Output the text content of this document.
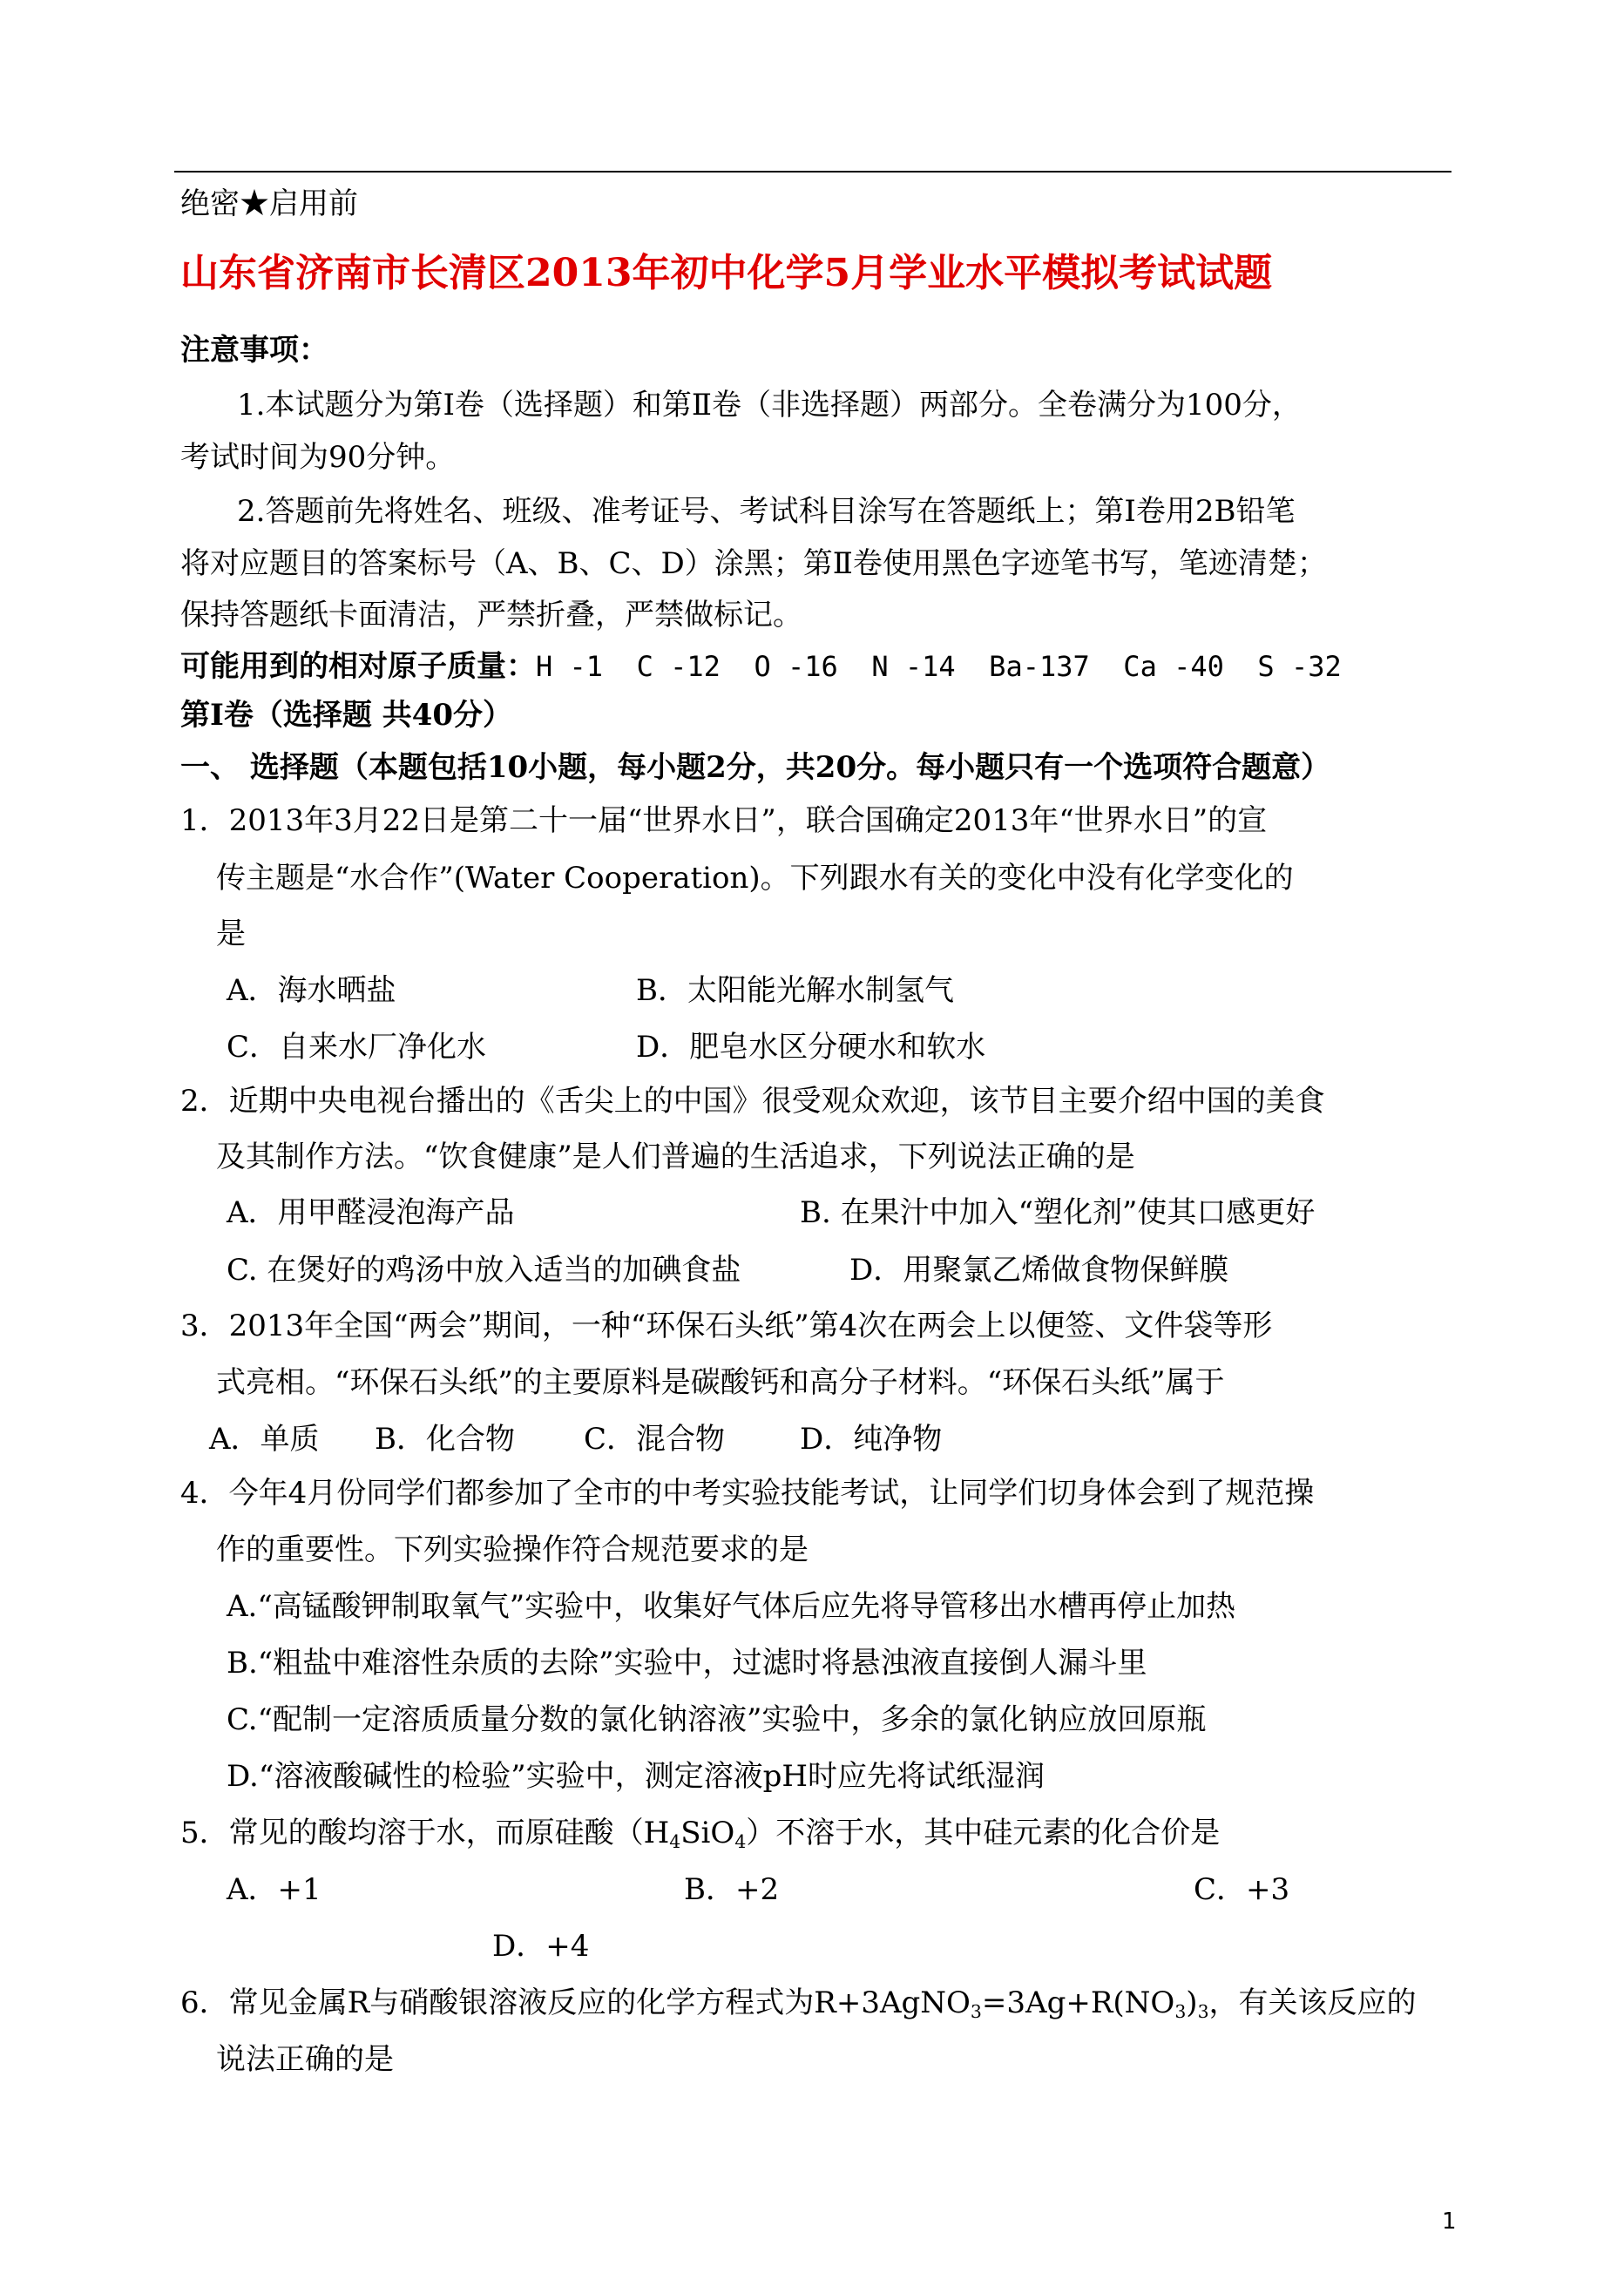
绝密★启用前
山东省济南市长清区2013年初中化学5月学业水平模拟考试试题
注意事项：
1.本试题分为第Ⅰ卷（选择题）和第Ⅱ卷（非选择题）两部分。全卷满分为100分，
考试时间为90分钟。
2.答题前先将姓名、班级、准考证号、考试科目涂写在答题纸上；第Ⅰ卷用2B铅笔
将对应题目的答案标号（A、B、C、D）涂黑；第Ⅱ卷使用黑色字迹笔书写，笔迹清楚；
保持答题纸卡面清洁，严禁折叠，严禁做标记。
可能用到的相对原子质量：H -1  C -12  O -16  N -14  Ba-137  Ca -40  S -32
第Ⅰ卷（选择题 共40分）
一、 选择题（本题包括10小题，每小题2分，共20分。每小题只有一个选项符合题意）
1．2013年3月22日是第二十一届“世界水日”，联合国确定2013年“世界水日”的宣
传主题是“水合作”(Water Cooperation)。下列跟水有关的变化中没有化学变化的
是
A．海水晒盐	B．太阳能光解水制氢气
C．自来水厂净化水	D．肥皂水区分硬水和软水
2．近期中央电视台播出的《舌尖上的中国》很受观众欢迎，该节目主要介绍中国的美食
及其制作方法。“饮食健康”是人们普遍的生活追求，下列说法正确的是
A．用甲醛浸泡海产品	B. 在果汁中加入“塑化剂”使其口感更好
C. 在煲好的鸡汤中放入适当的加碘食盐	D．用聚氯乙烯做食物保鲜膜
3．2013年全国“两会”期间，一种“环保石头纸”第4次在两会上以便签、文件袋等形
式亮相。“环保石头纸”的主要原料是碳酸钙和高分子材料。“环保石头纸”属于
A．单质 B．化合物 C．混合物	D．纯净物
4．今年4月份同学们都参加了全市的中考实验技能考试，让同学们切身体会到了规范操
作的重要性。下列实验操作符合规范要求的是
A.“高锰酸钾制取氧气”实验中，收集好气体后应先将导管移出水槽再停止加热
B.“粗盐中难溶性杂质的去除”实验中，过滤时将悬浊液直接倒人漏斗里
C.“配制一定溶质质量分数的氯化钠溶液”实验中，多余的氯化钠应放回原瓶
D.“溶液酸碱性的检验”实验中，测定溶液pH时应先将试纸湿润
5．常见的酸均溶于水，而原硅酸$(H_4SiO_4)$不溶于水，其中硅元素的化合价是
A．+1	B．+2	C．+3
D．+4
6．常见金属R与硝酸银溶液反应的化学方程式为$R+3AgNO_3=3Ag+R(NO_3)_3$，有关该反应的
说法正确的是
1
